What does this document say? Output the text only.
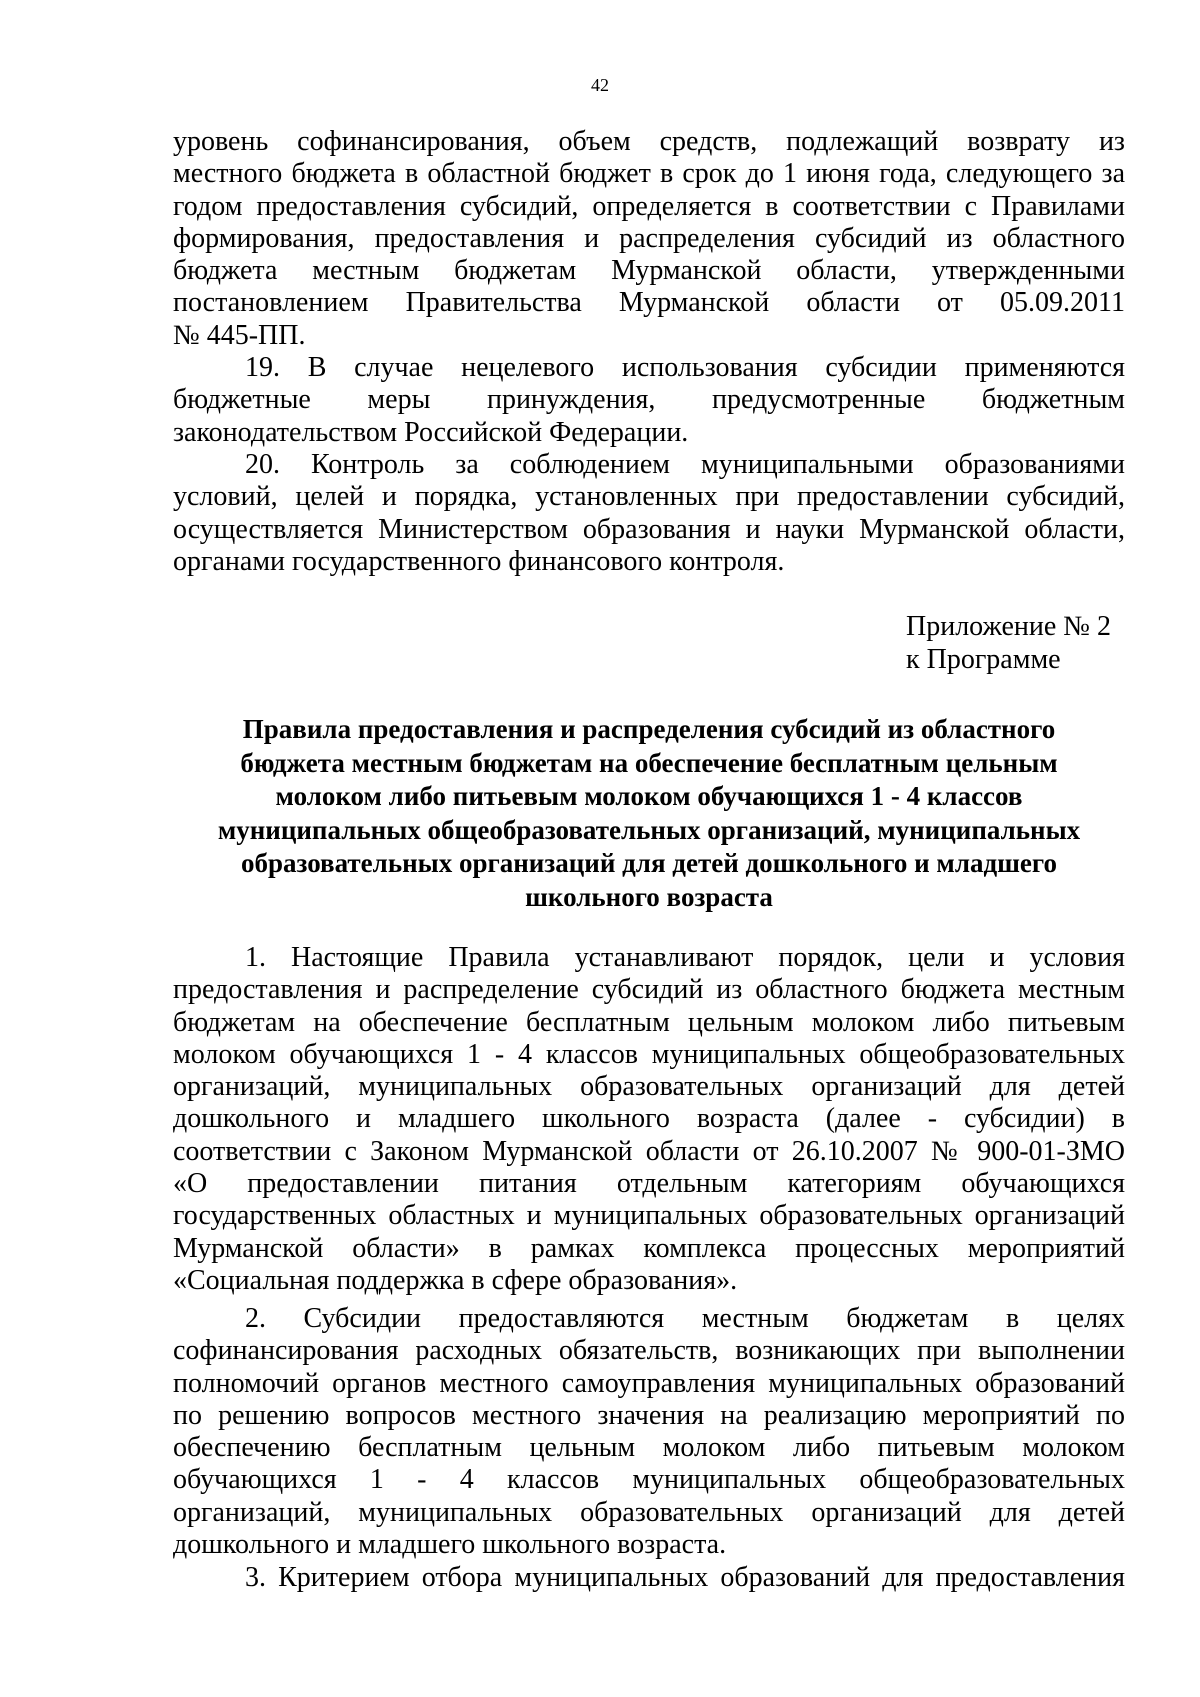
42
уровень софинансирования, объем средств, подлежащий возврату из
местного бюджета в областной бюджет в срок до 1 июня года, следующего за
годом предоставления субсидий, определяется в соответствии с Правилами
формирования, предоставления и распределения субсидий из областного
бюджета местным бюджетам Мурманской области, утвержденными
постановлением Правительства Мурманской области от 05.09.2011
№ 445-ПП.
19. В случае нецелевого использования субсидии применяются
бюджетные меры принуждения, предусмотренные бюджетным
законодательством Российской Федерации.
20. Контроль за соблюдением муниципальными образованиями
условий, целей и порядка, установленных при предоставлении субсидий,
осуществляется Министерством образования и науки Мурманской области,
органами государственного финансового контроля.
Приложение № 2
к Программе
Правила предоставления и распределения субсидий из областного
бюджета местным бюджетам на обеспечение бесплатным цельным
молоком либо питьевым молоком обучающихся 1 - 4 классов
муниципальных общеобразовательных организаций, муниципальных
образовательных организаций для детей дошкольного и младшего
школьного возраста
1. Настоящие Правила устанавливают порядок, цели и условия
предоставления и распределение субсидий из областного бюджета местным
бюджетам на обеспечение бесплатным цельным молоком либо питьевым
молоком обучающихся 1 - 4 классов муниципальных общеобразовательных
организаций, муниципальных образовательных организаций для детей
дошкольного и младшего школьного возраста (далее - субсидии) в
соответствии с Законом Мурманской области от 26.10.2007 № 900-01-ЗМО
«О предоставлении питания отдельным категориям обучающихся
государственных областных и муниципальных образовательных организаций
Мурманской области» в рамках комплекса процессных мероприятий
«Социальная поддержка в сфере образования».
2. Субсидии предоставляются местным бюджетам в целях
софинансирования расходных обязательств, возникающих при выполнении
полномочий органов местного самоуправления муниципальных образований
по решению вопросов местного значения на реализацию мероприятий по
обеспечению бесплатным цельным молоком либо питьевым молоком
обучающихся 1 - 4 классов муниципальных общеобразовательных
организаций, муниципальных образовательных организаций для детей
дошкольного и младшего школьного возраста.
3. Критерием отбора муниципальных образований для предоставления
